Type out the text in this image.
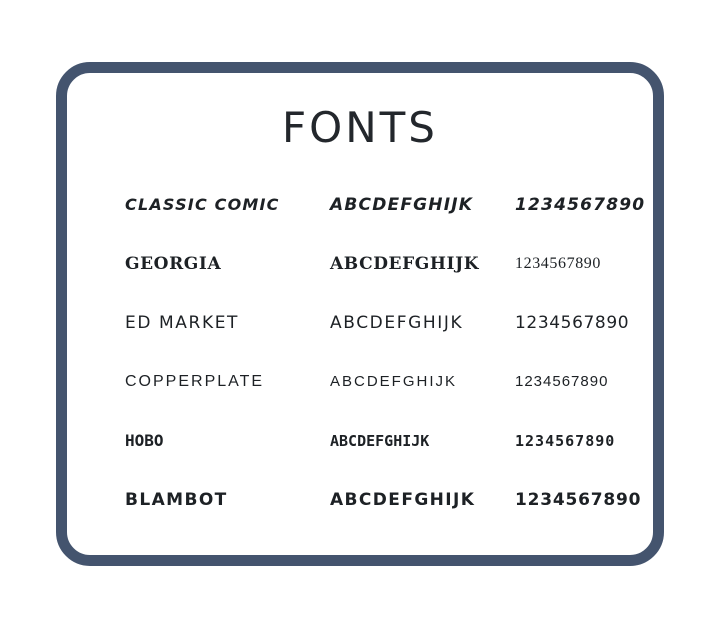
FONTS
CLASSIC COMIC	ABCDEFGHIJK	1234567890
GEORGIA	ABCDEFGHIJK	1234567890
ED MARKET	ABCDEFGHIJK	1234567890
COPPERPLATE	ABCDEFGHIJK	1234567890
HOBO	ABCDEFGHIJK	1234567890
BLAMBOT	ABCDEFGHIJK	1234567890
